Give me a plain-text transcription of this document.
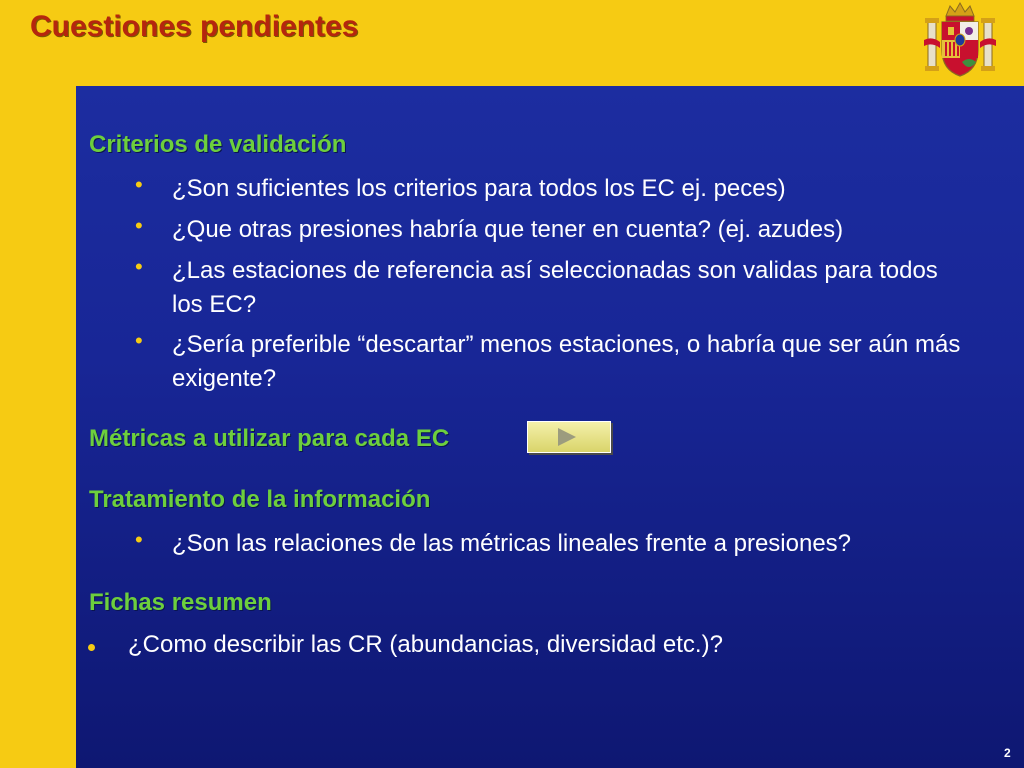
Cuestiones pendientes
Criterios de validación
• ¿Son suficientes los criterios para todos los EC ej. peces)
• ¿Que otras presiones habría que tener en cuenta? (ej. azudes)
• ¿Las estaciones de referencia así seleccionadas son validas para todos los EC?
• ¿Sería preferible “descartar” menos estaciones, o habría que ser aún más exigente?
Métricas a utilizar para cada EC
Tratamiento de la información
• ¿Son las relaciones de las métricas lineales frente a presiones?
Fichas resumen
¿Como describir las CR (abundancias, diversidad etc.)?
2
